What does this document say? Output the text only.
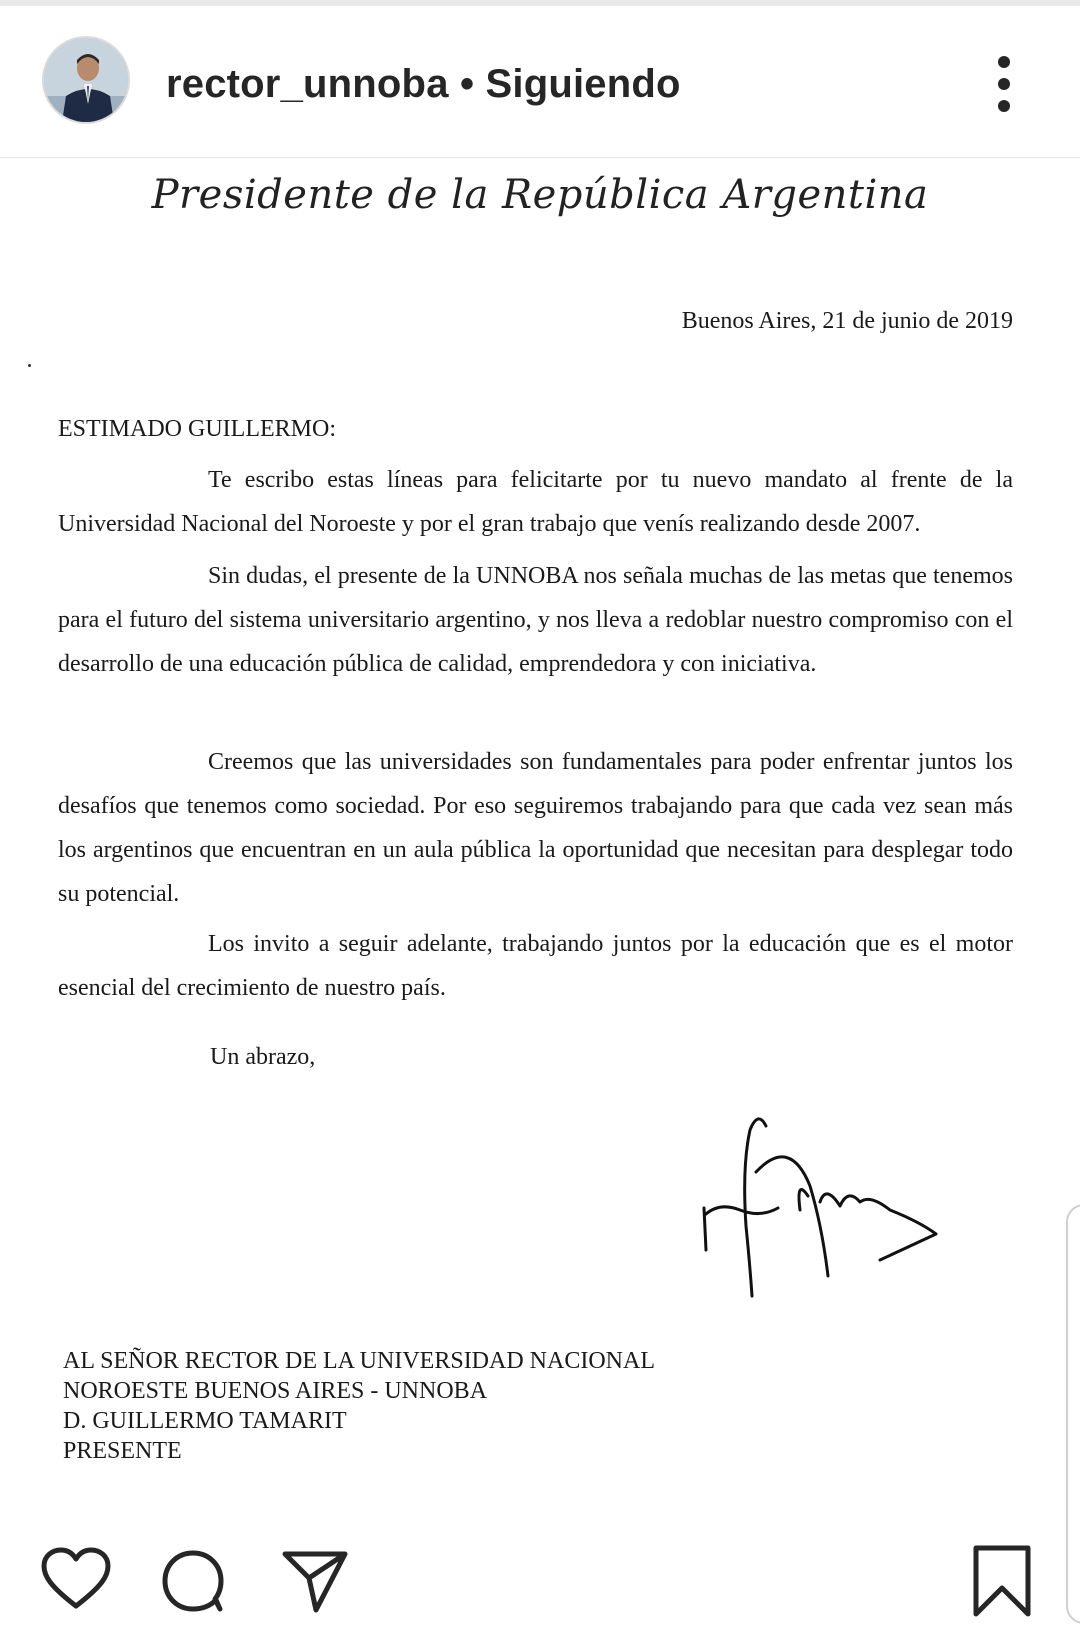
rector_unnoba • Siguiendo
Presidente de la República Argentina
Buenos Aires, 21 de junio de 2019
ESTIMADO GUILLERMO:

Te escribo estas líneas para felicitarte por tu nuevo mandato al frente de la Universidad Nacional del Noroeste y por el gran trabajo que venís realizando desde 2007.

Sin dudas, el presente de la UNNOBA nos señala muchas de las metas que tenemos para el futuro del sistema universitario argentino, y nos lleva a redoblar nuestro compromiso con el desarrollo de una educación pública de calidad, emprendedora y con iniciativa.

Creemos que las universidades son fundamentales para poder enfrentar juntos los desafíos que tenemos como sociedad. Por eso seguiremos trabajando para que cada vez sean más los argentinos que encuentran en un aula pública la oportunidad que necesitan para desplegar todo su potencial.

Los invito a seguir adelante, trabajando juntos por la educación que es el motor esencial del crecimiento de nuestro país.

Un abrazo,
AL SEÑOR RECTOR DE LA UNIVERSIDAD NACIONAL
NOROESTE BUENOS AIRES - UNNOBA
D. GUILLERMO TAMARIT
PRESENTE
